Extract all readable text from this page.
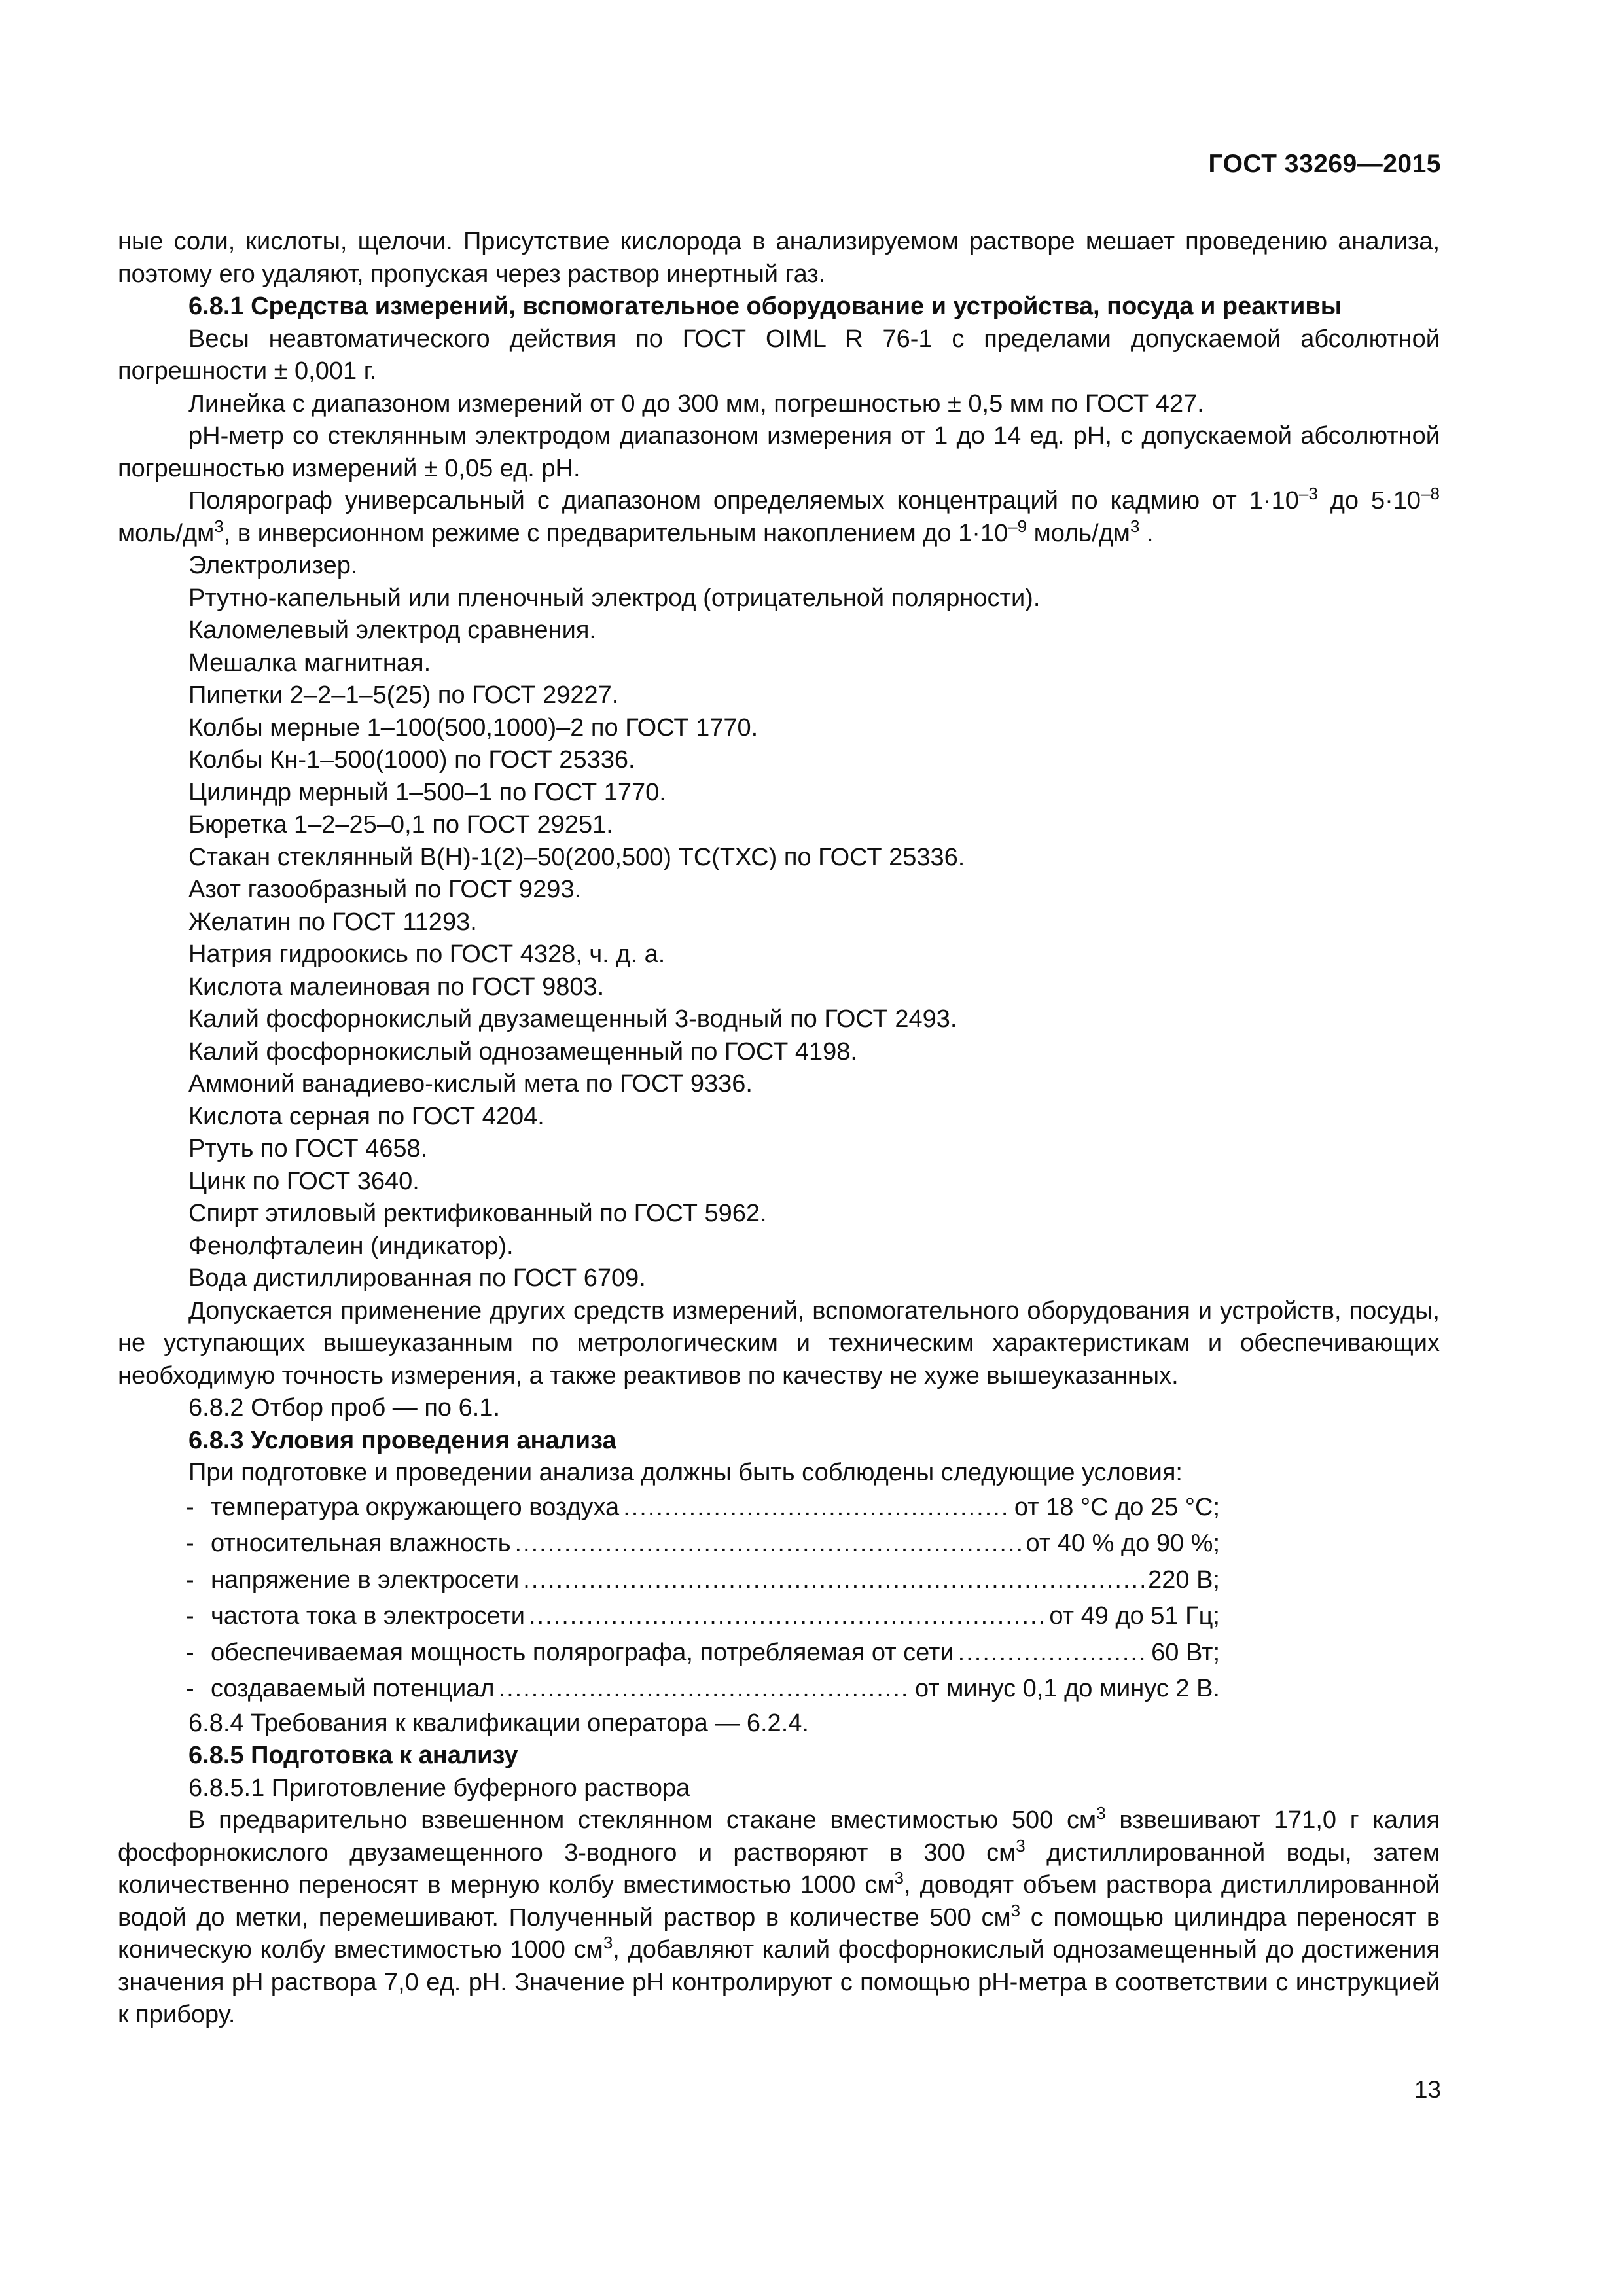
ГОСТ 33269—2015

ные соли, кислоты, щелочи. Присутствие кислорода в анализируемом растворе мешает проведению анализа, поэтому его удаляют, пропуская через раствор инертный газ.

6.8.1 Средства измерений, вспомогательное оборудование и устройства, посуда и реактивы

Весы неавтоматического действия по ГОСТ OIML R 76-1 с пределами допускаемой абсолютной погрешности ± 0,001 г.

Линейка с диапазоном измерений от 0 до 300 мм, погрешностью ± 0,5 мм по ГОСТ 427.

рН-метр со стеклянным электродом диапазоном измерения от 1 до 14 ед. рН, с допускаемой абсолютной погрешностью измерений ± 0,05 ед. рН.

Полярограф универсальный с диапазоном определяемых концентраций по кадмию от $1\cdot 10^{-3}$ до $5\cdot 10^{-8}$ моль/$дм^3$, в инверсионном режиме с предварительным накоплением до $1\cdot 10^{-9}$ моль/$дм^3$ .

Электролизер.

Ртутно-капельный или пленочный электрод (отрицательной полярности).

Каломелевый электрод сравнения.

Мешалка магнитная.

Пипетки 2–2–1–5(25) по ГОСТ 29227.

Колбы мерные 1–100(500,1000)–2 по ГОСТ 1770.

Колбы Кн-1–500(1000) по ГОСТ 25336.

Цилиндр мерный 1–500–1 по ГОСТ 1770.

Бюретка 1–2–25–0,1 по ГОСТ 29251.

Стакан стеклянный В(Н)-1(2)–50(200,500) ТС(ТХС) по ГОСТ 25336.

Азот газообразный по ГОСТ 9293.

Желатин по ГОСТ 11293.

Натрия гидроокись по ГОСТ 4328, ч. д. а.

Кислота малеиновая по ГОСТ 9803.

Калий фосфорнокислый двузамещенный 3-водный по ГОСТ 2493.

Калий фосфорнокислый однозамещенный по ГОСТ 4198.

Аммоний ванадиево-кислый мета по ГОСТ 9336.

Кислота серная по ГОСТ 4204.

Ртуть по ГОСТ 4658.

Цинк по ГОСТ 3640.

Спирт этиловый ректификованный по ГОСТ 5962.

Фенолфталеин (индикатор).

Вода дистиллированная по ГОСТ 6709.

Допускается применение других средств измерений, вспомогательного оборудования и устройств, посуды, не уступающих вышеуказанным по метрологическим и техническим характеристикам и обеспечивающих необходимую точность измерения, а также реактивов по качеству не хуже вышеуказанных.

6.8.2 Отбор проб — по 6.1.

6.8.3 Условия проведения анализа

При подготовке и проведении анализа должны быть соблюдены следующие условия:

- температура окружающего воздуха .....	от 18 °С до 25 °С;
- относительная влажность .....	от 40 % до 90 %;
- напряжение в электросети .....	220 В;
- частота тока в электросети .....	от 49 до 51 Гц;
- обеспечиваемая мощность полярографа, потребляемая от сети .....	60 Вт;
- создаваемый потенциал .....	от минус 0,1 до минус 2 В.

6.8.4 Требования к квалификации оператора — 6.2.4.

6.8.5 Подготовка к анализу

6.8.5.1 Приготовление буферного раствора

В предварительно взвешенном стеклянном стакане вместимостью 500 $см^3$ взвешивают 171,0 г калия фосфорнокислого двузамещенного 3-водного и растворяют в 300 $см^3$ дистиллированной воды, затем количественно переносят в мерную колбу вместимостью 1000 $см^3$, доводят объем раствора дистиллированной водой до метки, перемешивают. Полученный раствор в количестве 500 $см^3$ с помощью цилиндра переносят в коническую колбу вместимостью 1000 $см^3$, добавляют калий фосфорнокислый однозамещенный до достижения значения рН раствора 7,0 ед. рН. Значение рН контролируют с помощью рН-метра в соответствии с инструкцией к прибору.

13
